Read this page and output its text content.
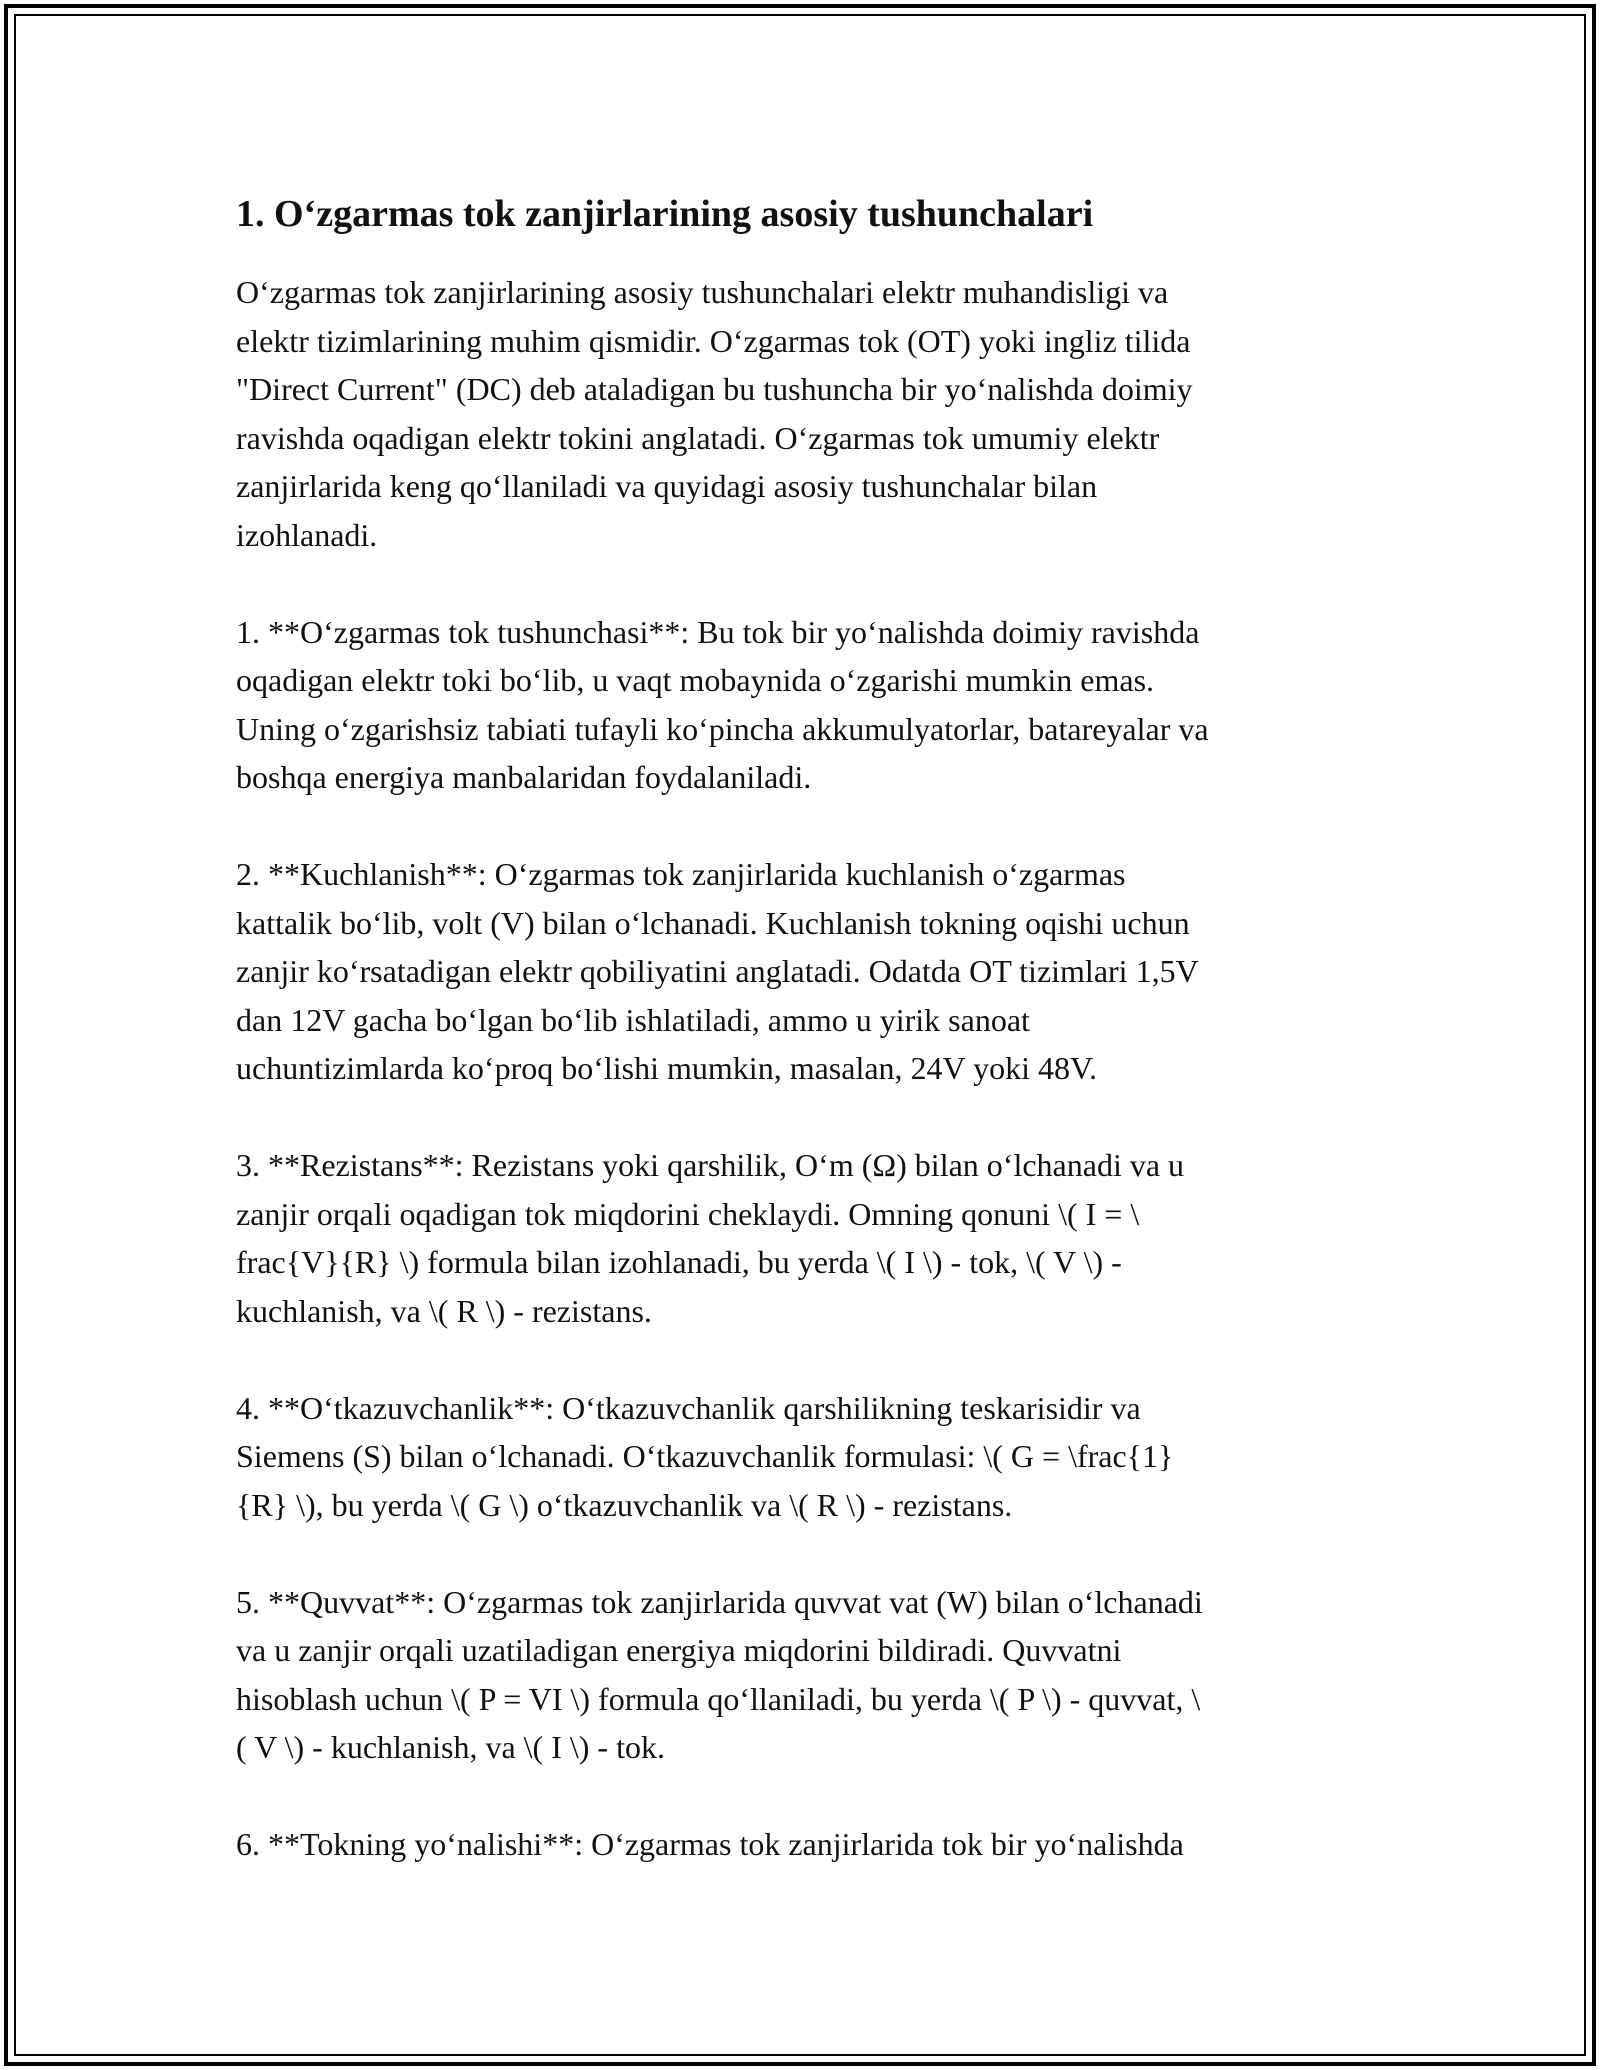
1. O‘zgarmas tok zanjirlarining asosiy tushunchalari

O‘zgarmas tok zanjirlarining asosiy tushunchalari elektr muhandisligi va
elektr tizimlarining muhim qismidir. O‘zgarmas tok (OT) yoki ingliz tilida
"Direct Current" (DC) deb ataladigan bu tushuncha bir yo‘nalishda doimiy
ravishda oqadigan elektr tokini anglatadi. O‘zgarmas tok umumiy elektr
zanjirlarida keng qo‘llaniladi va quyidagi asosiy tushunchalar bilan
izohlanadi.

1. **O‘zgarmas tok tushunchasi**: Bu tok bir yo‘nalishda doimiy ravishda
oqadigan elektr toki bo‘lib, u vaqt mobaynida o‘zgarishi mumkin emas.
Uning o‘zgarishsiz tabiati tufayli ko‘pincha akkumulyatorlar, batareyalar va
boshqa energiya manbalaridan foydalaniladi.

2. **Kuchlanish**: O‘zgarmas tok zanjirlarida kuchlanish o‘zgarmas
kattalik bo‘lib, volt (V) bilan o‘lchanadi. Kuchlanish tokning oqishi uchun
zanjir ko‘rsatadigan elektr qobiliyatini anglatadi. Odatda OT tizimlari 1,5V
dan 12V gacha bo‘lgan bo‘lib ishlatiladi, ammo u yirik sanoat
uchuntizimlarda ko‘proq bo‘lishi mumkin, masalan, 24V yoki 48V.

3. **Rezistans**: Rezistans yoki qarshilik, O‘m (Ω) bilan o‘lchanadi va u
zanjir orqali oqadigan tok miqdorini cheklaydi. Omning qonuni \( I = \
frac{V}{R} \) formula bilan izohlanadi, bu yerda \( I \) - tok, \( V \) -
kuchlanish, va \( R \) - rezistans.

4. **O‘tkazuvchanlik**: O‘tkazuvchanlik qarshilikning teskarisidir va
Siemens (S) bilan o‘lchanadi. O‘tkazuvchanlik formulasi: \( G = \frac{1}
{R} \), bu yerda \( G \) o‘tkazuvchanlik va \( R \) - rezistans.

5. **Quvvat**: O‘zgarmas tok zanjirlarida quvvat vat (W) bilan o‘lchanadi
va u zanjir orqali uzatiladigan energiya miqdorini bildiradi. Quvvatni
hisoblash uchun \( P = VI \) formula qo‘llaniladi, bu yerda \( P \) - quvvat, \
( V \) - kuchlanish, va \( I \) - tok.

6. **Tokning yo‘nalishi**: O‘zgarmas tok zanjirlarida tok bir yo‘nalishda
